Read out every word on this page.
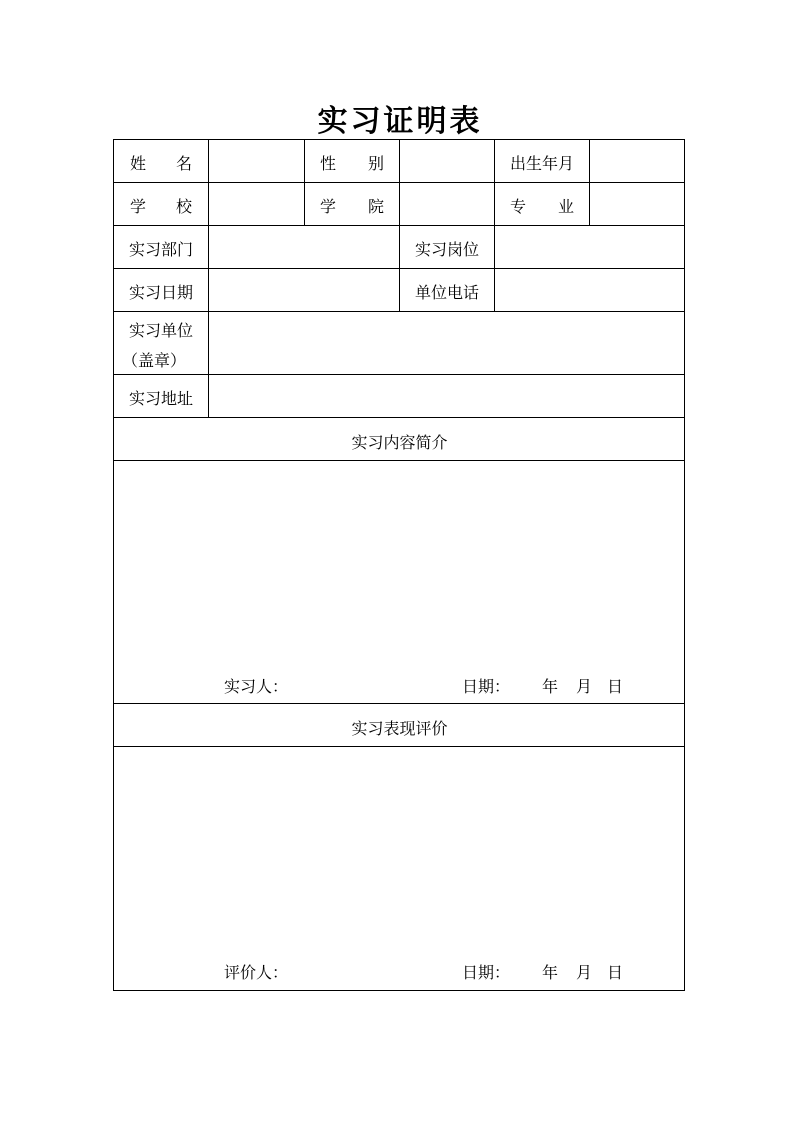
实习证明表
姓 名	性 别	出生年月
学 校	学 院	专 业
实习部门	实习岗位
实习日期	单位电话
实习单位
（盖章）
实习地址
实习内容简介
实习人：	日期： 年 月 日
实习表现评价
评价人：	日期： 年 月 日
